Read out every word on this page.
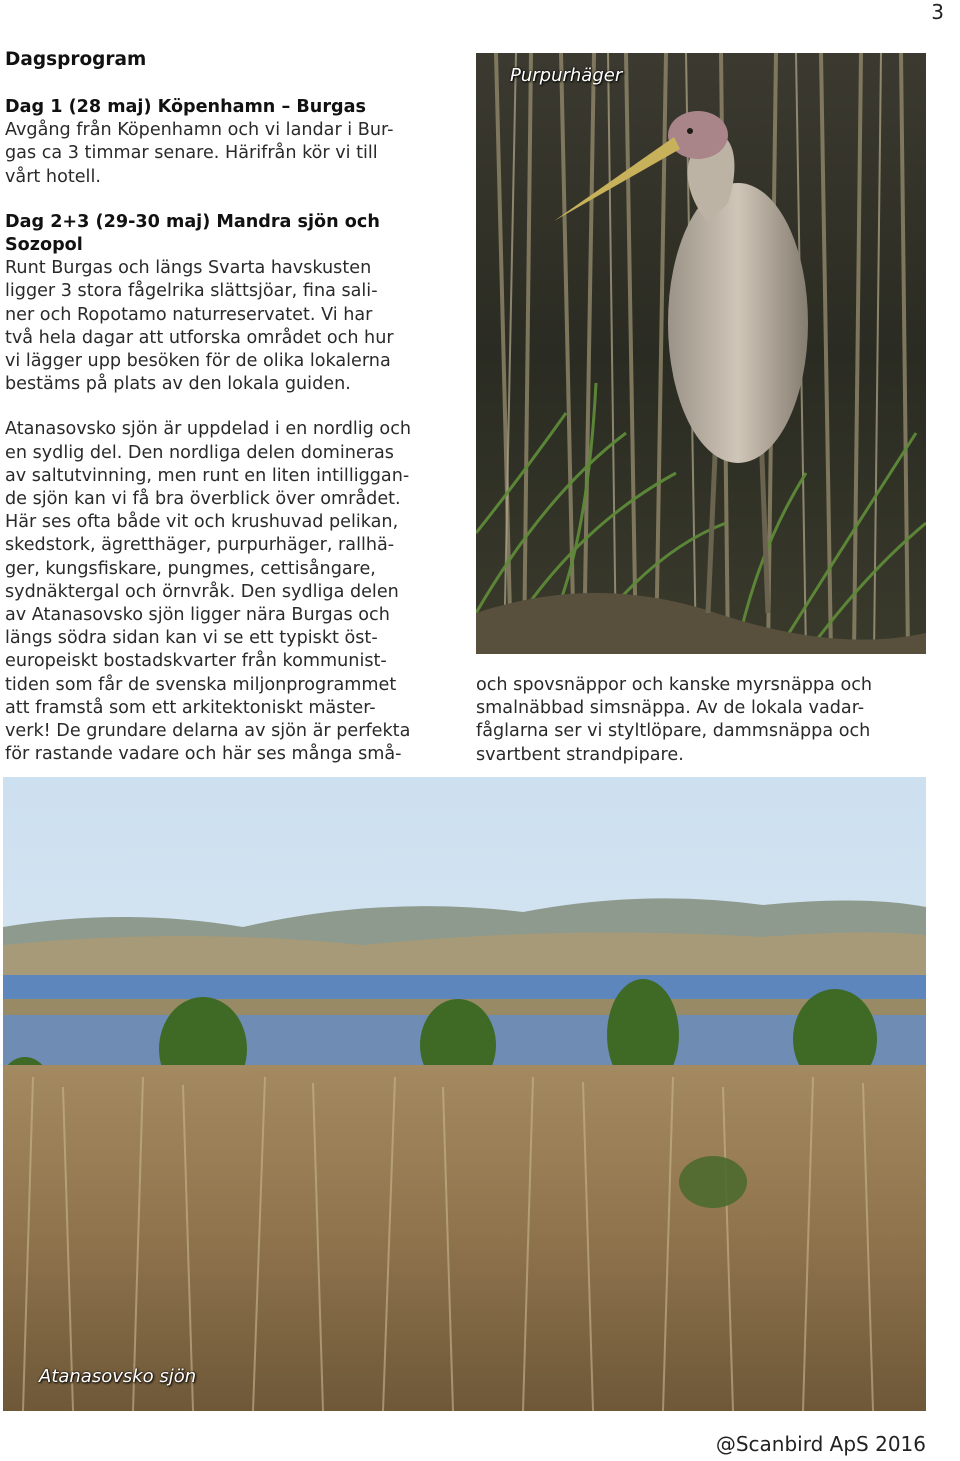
3
Dagsprogram

Dag 1 (28 maj) Köpenhamn – Burgas
Avgång från Köpenhamn och vi landar i Bur-
gas ca 3 timmar senare. Härifrån kör vi till
vårt hotell.

Dag 2+3 (29-30 maj) Mandra sjön och
Sozopol
Runt Burgas och längs Svarta havskusten
ligger 3 stora fågelrika slättsjöar, fina sali-
ner och Ropotamo naturreservatet. Vi har
två hela dagar att utforska området och hur
vi lägger upp besöken för de olika lokalerna
bestäms på plats av den lokala guiden.

Atanasovsko sjön är uppdelad i en nordlig och
en sydlig del. Den nordliga delen domineras
av saltutvinning, men runt en liten intilliggan-
de sjön kan vi få bra överblick över området.
Här ses ofta både vit och krushuvad pelikan,
skedstork, ägretthäger, purpurhäger, rallhä-
ger, kungsfiskare, pungmes, cettisångare,
sydnäktergal och örnvråk. Den sydliga delen
av Atanasovsko sjön ligger nära Burgas och
längs södra sidan kan vi se ett typiskt öst-
europeiskt bostadskvarter från kommunist-
tiden som får de svenska miljonprogrammet
att framstå som ett arkitektoniskt mäster-
verk! De grundare delarna av sjön är perfekta
för rastande vadare och här ses många små-

Purpurhäger
och spovsnäppor och kanske myrsnäppa och
smalnäbbad simsnäppa. Av de lokala vadar-
fåglarna ser vi styltlöpare, dammsnäppa och
svartbent strandpipare.
Atanasovsko sjön
@Scanbird ApS 2016
